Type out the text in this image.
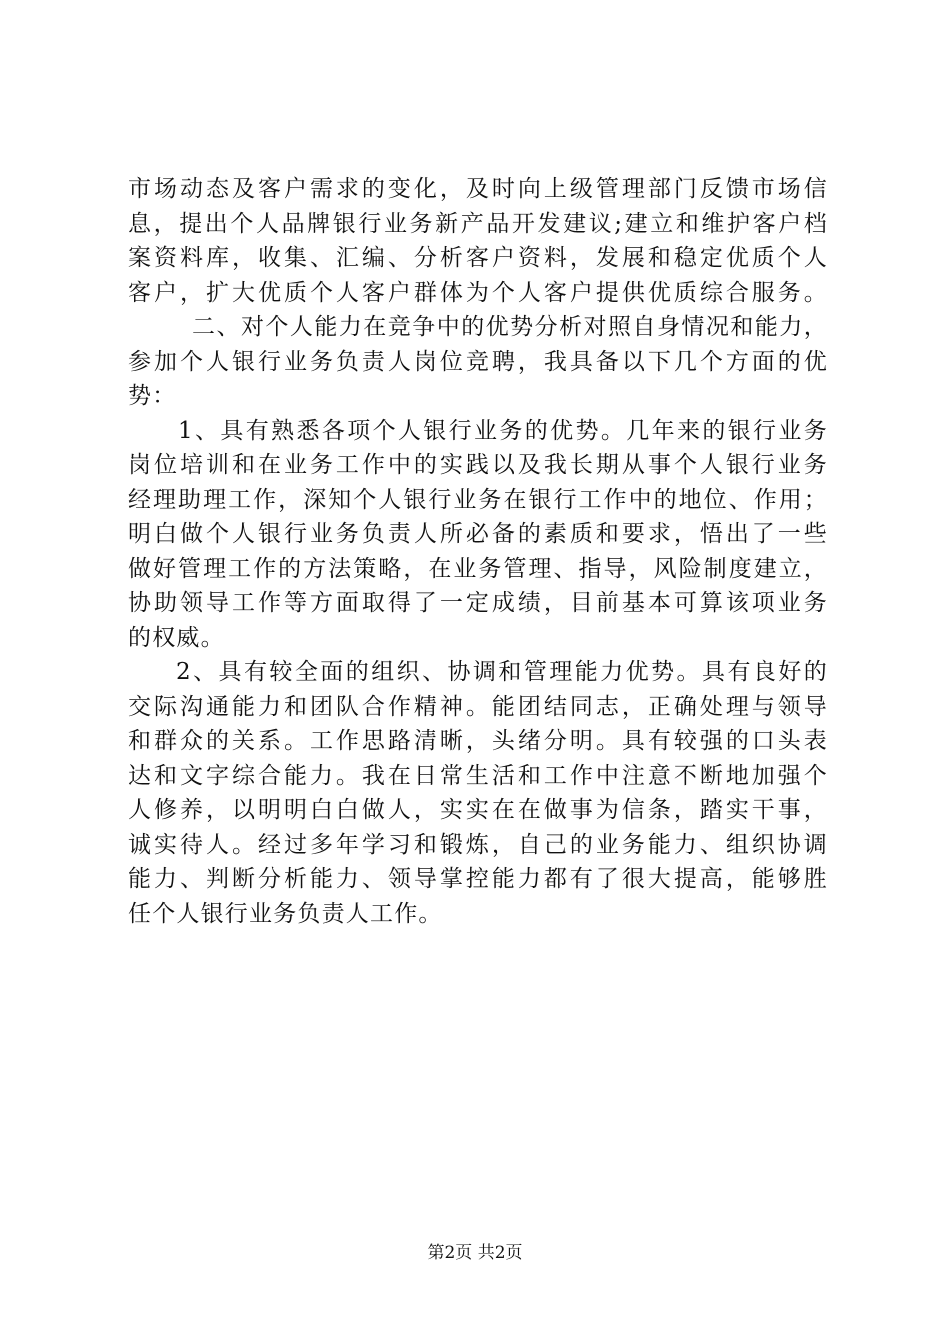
市场动态及客户需求的变化，及时向上级管理部门反馈市场信
息，提出个人品牌银行业务新产品开发建议;建立和维护客户档
案资料库，收集、汇编、分析客户资料，发展和稳定优质个人
客户，扩大优质个人客户群体为个人客户提供优质综合服务。
二、对个人能力在竞争中的优势分析对照自身情况和能力，
参加个人银行业务负责人岗位竞聘，我具备以下几个方面的优
势：
1、具有熟悉各项个人银行业务的优势。几年来的银行业务
岗位培训和在业务工作中的实践以及我长期从事个人银行业务
经理助理工作，深知个人银行业务在银行工作中的地位、作用；
明白做个人银行业务负责人所必备的素质和要求，悟出了一些
做好管理工作的方法策略，在业务管理、指导，风险制度建立，
协助领导工作等方面取得了一定成绩，目前基本可算该项业务
的权威。
2、具有较全面的组织、协调和管理能力优势。具有良好的
交际沟通能力和团队合作精神。能团结同志，正确处理与领导
和群众的关系。工作思路清晰，头绪分明。具有较强的口头表
达和文字综合能力。我在日常生活和工作中注意不断地加强个
人修养，以明明白白做人，实实在在做事为信条，踏实干事，
诚实待人。经过多年学习和锻炼，自己的业务能力、组织协调
能力、判断分析能力、领导掌控能力都有了很大提高，能够胜
任个人银行业务负责人工作。
第2页 共2页
